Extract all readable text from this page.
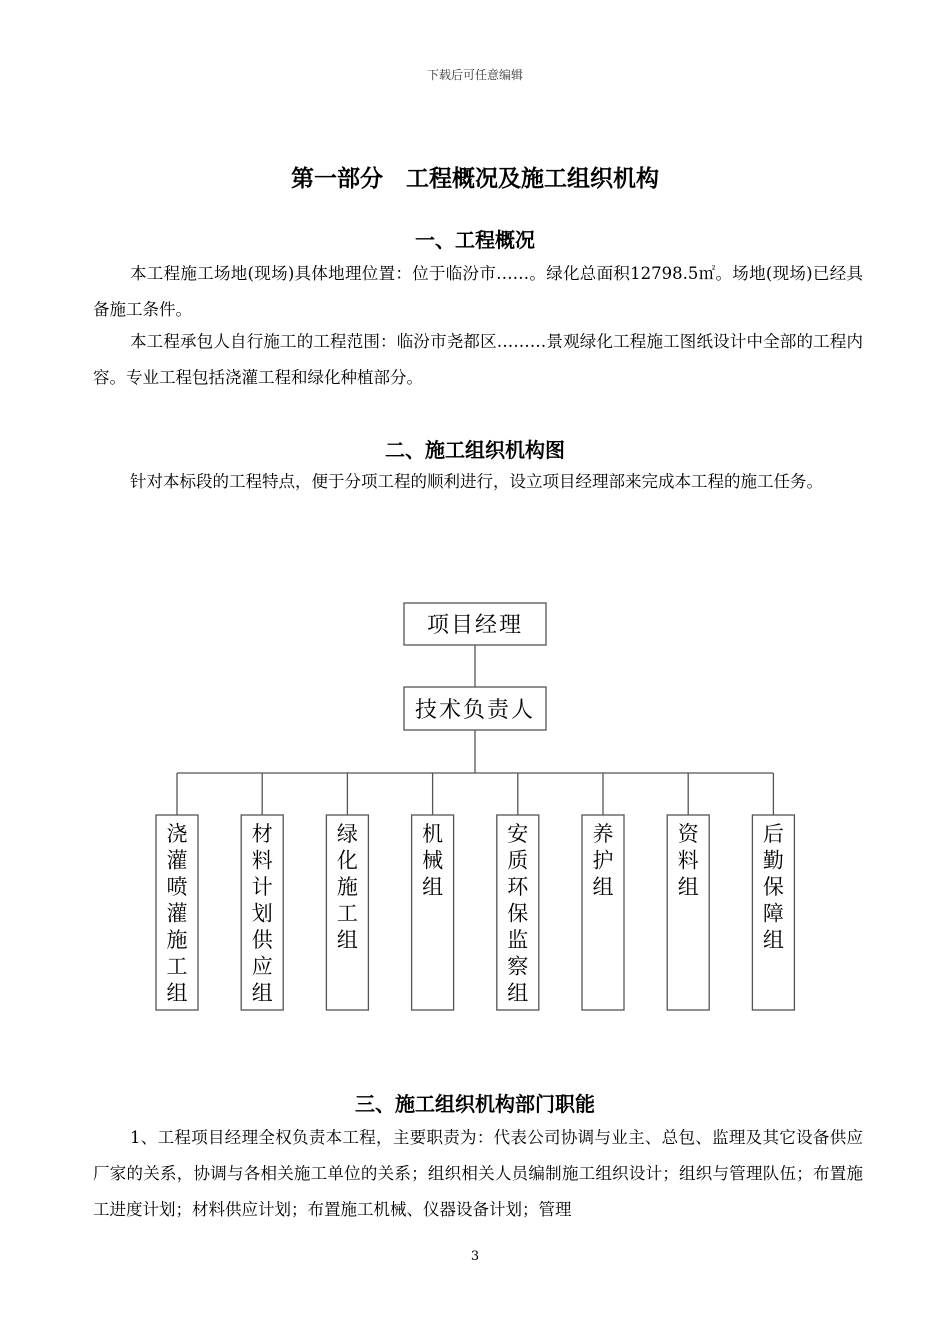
下载后可任意编辑
第一部分　工程概况及施工组织机构
一、工程概况
本工程施工场地(现场)具体地理位置：位于临汾市……。绿化总面积12798.5㎡。场地(现场)已经具备施工条件。
本工程承包人自行施工的工程范围：临汾市尧都区………景观绿化工程施工图纸设计中全部的工程内容。专业工程包括浇灌工程和绿化种植部分。
二、施工组织机构图
针对本标段的工程特点，便于分项工程的顺利进行，设立项目经理部来完成本工程的施工任务。
项目经理
技术负责人
浇灌喷灌施工组
材料计划供应组
绿化施工组
机械组
安质环保监察组
养护组
资料组
后勤保障组
三、施工组织机构部门职能
1、工程项目经理全权负责本工程，主要职责为：代表公司协调与业主、总包、监理及其它设备供应厂家的关系，协调与各相关施工单位的关系；组织相关人员编制施工组织设计；组织与管理队伍；布置施工进度计划；材料供应计划；布置施工机械、仪器设备计划；管理
3
